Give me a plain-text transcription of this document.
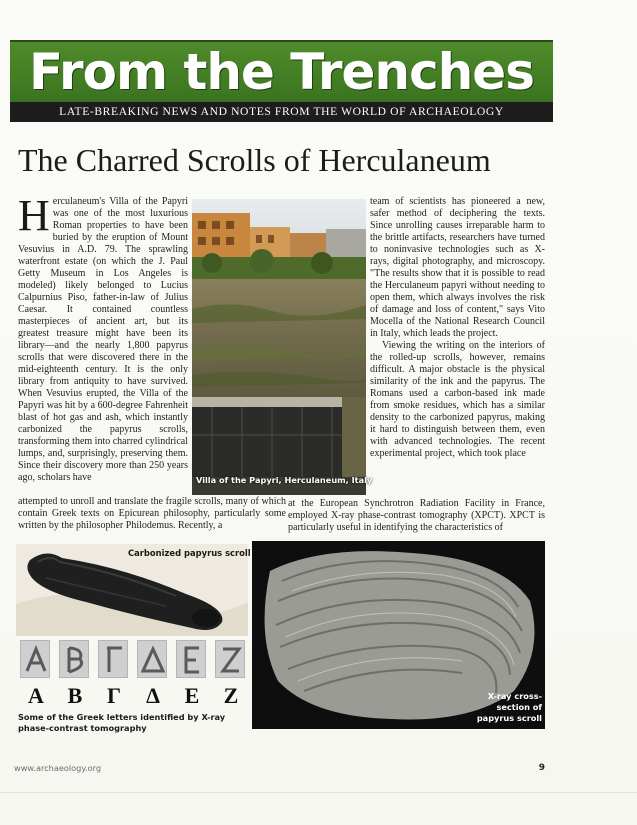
From the Trenches
LATE-BREAKING NEWS AND NOTES FROM THE WORLD OF ARCHAEOLOGY
The Charred Scrolls of Herculaneum
Herculaneum's Villa of the Papyri was one of the most luxurious Roman properties to have been buried by the eruption of Mount Vesuvius in A.D. 79. The sprawling waterfront estate (on which the J. Paul Getty Museum in Los Angeles is modeled) likely belonged to Lucius Calpurnius Piso, father-in-law of Julius Caesar. It contained countless masterpieces of ancient art, but its greatest treasure might have been its library—and the nearly 1,800 papyrus scrolls that were discovered there in the mid-eighteenth century. It is the only library from antiquity to have survived. When Vesuvius erupted, the Villa of the Papyri was hit by a 600-degree Fahrenheit blast of hot gas and ash, which instantly carbonized the papyrus scrolls, transforming them into charred cylindrical lumps, and, surprisingly, preserving them. Since their discovery more than 250 years ago, scholars have	Villa of the Papyri, Herculaneum, Italy
team of scientists has pioneered a new, safer method of deciphering the texts. Since unrolling causes irreparable harm to the brittle artifacts, researchers have turned to noninvasive technologies such as X-rays, digital photography, and microscopy. "The results show that it is possible to read the Herculaneum papyri without needing to open them, which always involves the risk of damage and loss of content," says Vito Mocella of the National Research Council in Italy, which leads the project.
Viewing the writing on the interiors of the rolled-up scrolls, however, remains difficult. A major obstacle is the physical similarity of the ink and the papyrus. The Romans used a carbon-based ink made from smoke residues, which has a similar density to the carbonized papyrus, making it hard to distinguish between them, even with advanced technologies. The recent experimental project, which took place
attempted to unroll and translate the fragile scrolls, many of which contain Greek texts on Epicurean philosophy, particularly some written by the philosopher Philodemus. Recently, a
at the European Synchrotron Radiation Facility in France, employed X-ray phase-contrast tomography (XPCT). XPCT is particularly useful in identifying the characteristics of
Carbonized papyrus scroll
Α	Β	Γ	Δ	Ε	Ζ
Some of the Greek letters identified by X-ray phase-contrast tomography
X-ray cross-section of papyrus scroll
www.archaeology.org	9
